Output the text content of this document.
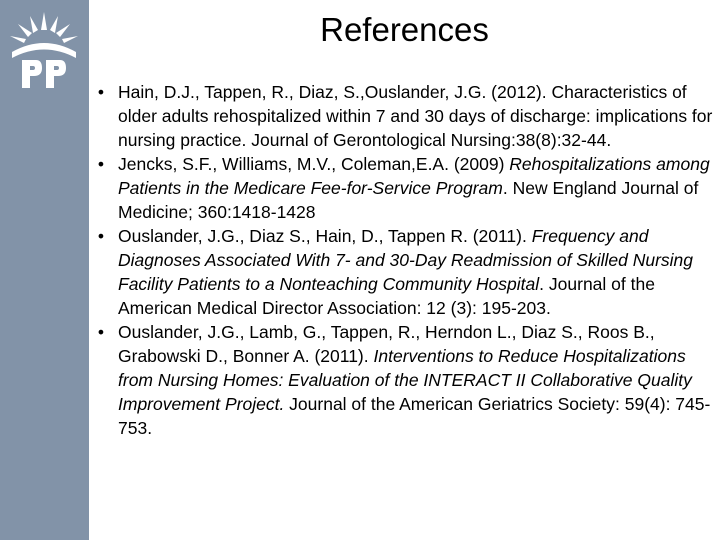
References
• Hain, D.J., Tappen, R., Diaz, S.,Ouslander, J.G. (2012). Characteristics of older adults rehospitalized within 7 and 30 days of discharge: implications for nursing practice. Journal of Gerontological Nursing:38(8):32-44.
• Jencks, S.F., Williams, M.V., Coleman,E.A. (2009) Rehospitalizations among Patients in the Medicare Fee-for-Service Program. New England Journal of Medicine; 360:1418-1428
• Ouslander, J.G., Diaz S., Hain, D., Tappen R. (2011). Frequency and Diagnoses Associated With 7- and 30-Day Readmission of Skilled Nursing Facility Patients to a Nonteaching Community Hospital. Journal of the American Medical Director Association: 12 (3): 195-203.
• Ouslander, J.G., Lamb, G., Tappen, R., Herndon L., Diaz S., Roos B., Grabowski D., Bonner A. (2011). Interventions to Reduce Hospitalizations from Nursing Homes: Evaluation of the INTERACT II Collaborative Quality Improvement Project. Journal of the American Geriatrics Society: 59(4): 745-753.
